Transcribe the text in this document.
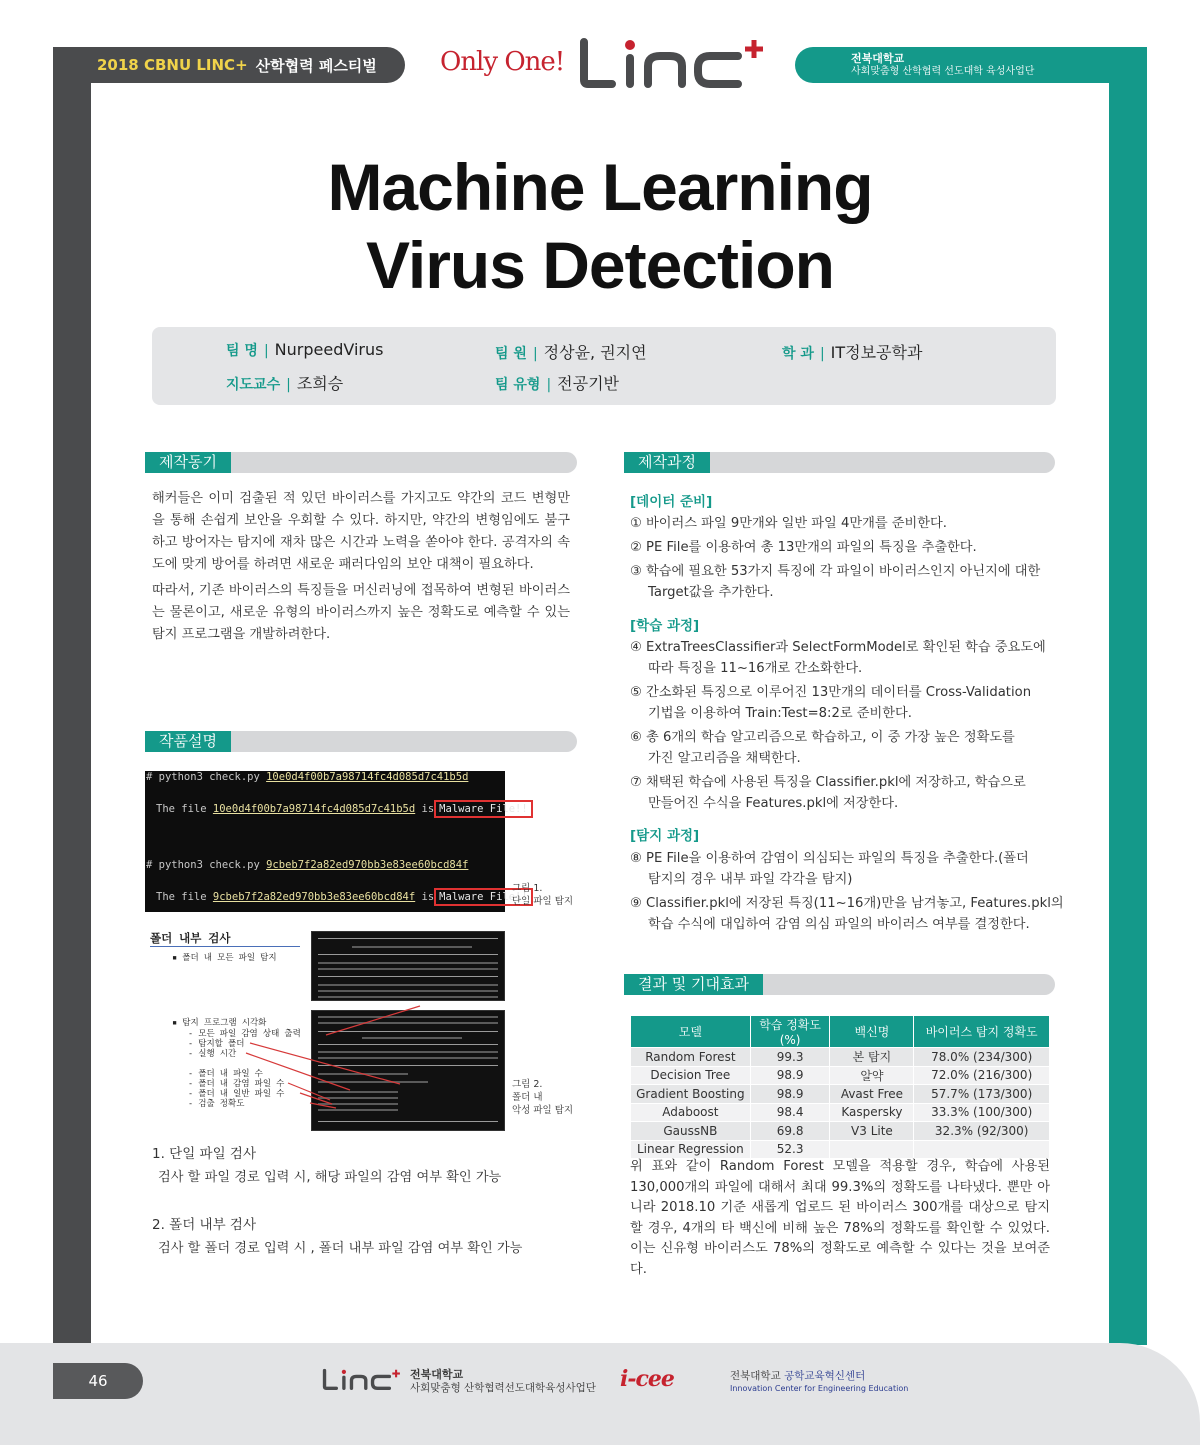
2018 CBNU LINC+ 산학협력 페스티벌 Only One!	전북대학교
사회맞춤형 산학협력 선도대학 육성사업단
Machine Learning
Virus Detection
팀 명 | NurpeedVirus	팀 원 | 정상윤, 권지연	학 과 | IT정보공학과
지도교수 | 조희승	팀 유형 | 전공기반
제작동기
해커들은 이미 검출된 적 있던 바이러스를 가지고도 약간의 코드 변형만을 통해 손쉽게 보안을 우회할 수 있다. 하지만, 약간의 변형임에도 불구하고 방어자는 탐지에 재차 많은 시간과 노력을 쏟아야 한다. 공격자의 속도에 맞게 방어를 하려면 새로운 패러다임의 보안 대책이 필요하다.
따라서, 기존 바이러스의 특징들을 머신러닝에 접목하여 변형된 바이러스는 물론이고, 새로운 유형의 바이러스까지 높은 정확도로 예측할 수 있는 탐지 프로그램을 개발하려한다.
작품설명
# python3 check.py 10e0d4f00b7a98714fc4d085d7c41b5d
The file 10e0d4f00b7a98714fc4d085d7c41b5d is Malware File!!
# python3 check.py 9cbeb7f2a82ed970bb3e83ee60bcd84f
The file 9cbeb7f2a82ed970bb3e83ee60bcd84f is Malware File!!
그림 1.
단일 파일 탐지
폴더 내부 검사
▪ 폴더 내 모든 파일 탐지
▪ 탐지 프로그램 시각화
- 모든 파일 감염 상태 출력
- 탐지할 폴더
- 실행 시간
- 폴더 내 파일 수
- 폴더 내 감염 파일 수
- 폴더 내 일반 파일 수
- 검출 정확도
그림 2.
폴더 내
악성 파일 탐지
1. 단일 파일 검사
검사 할 파일 경로 입력 시, 해당 파일의 감염 여부 확인 가능
2. 폴더 내부 검사
검사 할 폴더 경로 입력 시 , 폴더 내부 파일 감염 여부 확인 가능
제작과정
[데이터 준비]
① 바이러스 파일 9만개와 일반 파일 4만개를 준비한다.
② PE File를 이용하여 총 13만개의 파일의 특징을 추출한다.
③ 학습에 필요한 53가지 특징에 각 파일이 바이러스인지 아닌지에 대한
Target값을 추가한다.
[학습 과정]
④ ExtraTreesClassifier과 SelectFormModel로 확인된 학습 중요도에
따라 특징을 11~16개로 간소화한다.
⑤ 간소화된 특징으로 이루어진 13만개의 데이터를 Cross-Validation
기법을 이용하여 Train:Test=8:2로 준비한다.
⑥ 총 6개의 학습 알고리즘으로 학습하고, 이 중 가장 높은 정확도를
가진 알고리즘을 채택한다.
⑦ 채택된 학습에 사용된 특징을 Classifier.pkl에 저장하고, 학습으로
만들어진 수식을 Features.pkl에 저장한다.
[탐지 과정]
⑧ PE File을 이용하여 감염이 의심되는 파일의 특징을 추출한다.(폴더
탐지의 경우 내부 파일 각각을 탐지)
⑨ Classifier.pkl에 저장된 특징(11~16개)만을 남겨놓고, Features.pkl의
학습 수식에 대입하여 감염 의심 파일의 바이러스 여부를 결정한다.
결과 및 기대효과
모델	학습 정확도(%)	백신명	바이러스 탐지 정확도
Random Forest	99.3	본 탐지	78.0% (234/300)
Decision Tree	98.9	알약	72.0% (216/300)
Gradient Boosting	98.9	Avast Free	57.7% (173/300)
Adaboost	98.4	Kaspersky	33.3% (100/300)
GaussNB	69.8	V3 Lite	32.3% (92/300)
Linear Regression	52.3		
위 표와 같이 Random Forest 모델을 적용할 경우, 학습에 사용된 130,000개의 파일에 대해서 최대 99.3%의 정확도를 나타냈다. 뿐만 아니라 2018.10 기준 새롭게 업로드 된 바이러스 300개를 대상으로 탐지할 경우, 4개의 타 백신에 비해 높은 78%의 정확도를 확인할 수 있었다. 이는 신유형 바이러스도 78%의 정확도로 예측할 수 있다는 것을 보여준다.
46	전북대학교
사회맞춤형 산학협력선도대학육성사업단 i-cee	전북대학교 공학교육혁신센터
Innovation Center for Engineering Education
